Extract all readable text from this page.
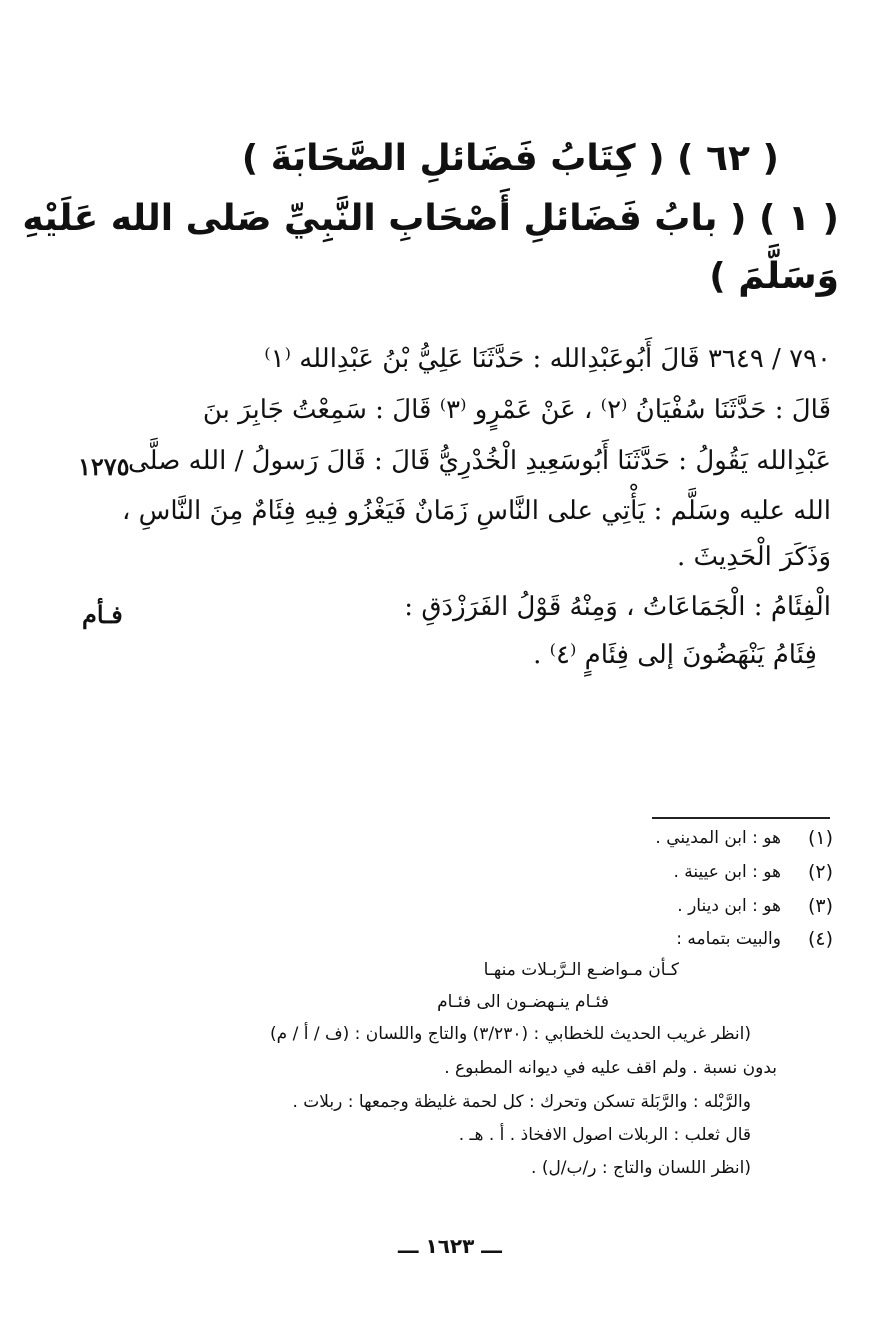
( ٦٢ ) ( كِتَابُ فَضَائلِ الصَّحَابَةَ )
( ١ ) ( بابُ فَضَائلِ أَصْحَابِ النَّبِيِّ صَلى الله عَلَيْهِ
وَسَلَّمَ )
٧٩٠ / ٣٦٤٩ قَالَ أَبُوعَبْدِالله : حَدَّثَنَا عَلِيُّ بْنُ عَبْدِالله ⁽١⁾
قَالَ : حَدَّثَنَا سُفْيَانُ ⁽٢⁾ ، عَنْ عَمْرٍو ⁽٣⁾ قَالَ : سَمِعْتُ جَابِرَ بنَ
عَبْدِالله يَقُولُ : حَدَّثَنَا أَبُوسَعِيدِ الْخُدْرِيُّ قَالَ : قَالَ رَسولُ / الله صلَّى
الله عليه وسَلَّم : يَأْتِي على النَّاسِ زَمَانٌ فَيَغْزُو فِيهِ فِئَامٌ مِنَ النَّاسِ ،
وَذَكَرَ الْحَدِيثَ .
الْفِئَامُ : الْجَمَاعَاتُ ، وَمِنْهُ قَوْلُ الفَرَزْدَقِ :
فِئَامُ يَنْهَضُونَ إلى فِئَامٍ ⁽٤⁾ .
١٢٧٥
فـأم
(١)
هو : ابن المديني .
(٢)
هو : ابن عيينة .
(٣)
هو : ابن دينار .
(٤)
والبيت بتمامه :
كـأن مـواضـع الـرَّبـلات منهـا
فئـام ينـهضـون الى فئـام
(انظر غريب الحديث للخطابي : (٣/٢٣٠) والتاج واللسان : (ف / أ / م)
بدون نسبة . ولم اقف عليه في ديوانه المطبوع .
والرَّبْله : والرَّبَلة تسكن وتحرك : كل لحمة غليظة وجمعها : ربلات .
قال ثعلب : الربلات اصول الافخاذ . أ . هـ .
(انظر اللسان والتاج : ر/ب/ل) .
ـــ ١٦٢٣ ـــ
